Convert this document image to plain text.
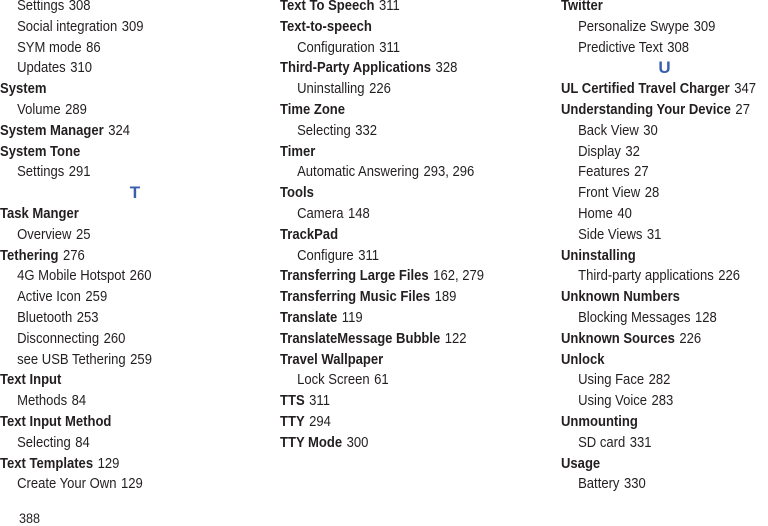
Settings 308
Social integration 309
SYM mode 86
Updates 310
System
Volume 289
System Manager 324
System Tone
Settings 291
T
Task Manger
Overview 25
Tethering 276
4G Mobile Hotspot 260
Active Icon 259
Bluetooth 253
Disconnecting 260
see USB Tethering 259
Text Input
Methods 84
Text Input Method
Selecting 84
Text Templates 129
Create Your Own 129
Text To Speech 311
Text-to-speech
Configuration 311
Third-Party Applications 328
Uninstalling 226
Time Zone
Selecting 332
Timer
Automatic Answering 293, 296
Tools
Camera 148
TrackPad
Configure 311
Transferring Large Files 162, 279
Transferring Music Files 189
Translate 119
TranslateMessage Bubble 122
Travel Wallpaper
Lock Screen 61
TTS 311
TTY 294
TTY Mode 300
Twitter
Personalize Swype 309
Predictive Text 308
U
UL Certified Travel Charger 347
Understanding Your Device 27
Back View 30
Display 32
Features 27
Front View 28
Home 40
Side Views 31
Uninstalling
Third-party applications 226
Unknown Numbers
Blocking Messages 128
Unknown Sources 226
Unlock
Using Face 282
Using Voice 283
Unmounting
SD card 331
Usage
Battery 330
388
